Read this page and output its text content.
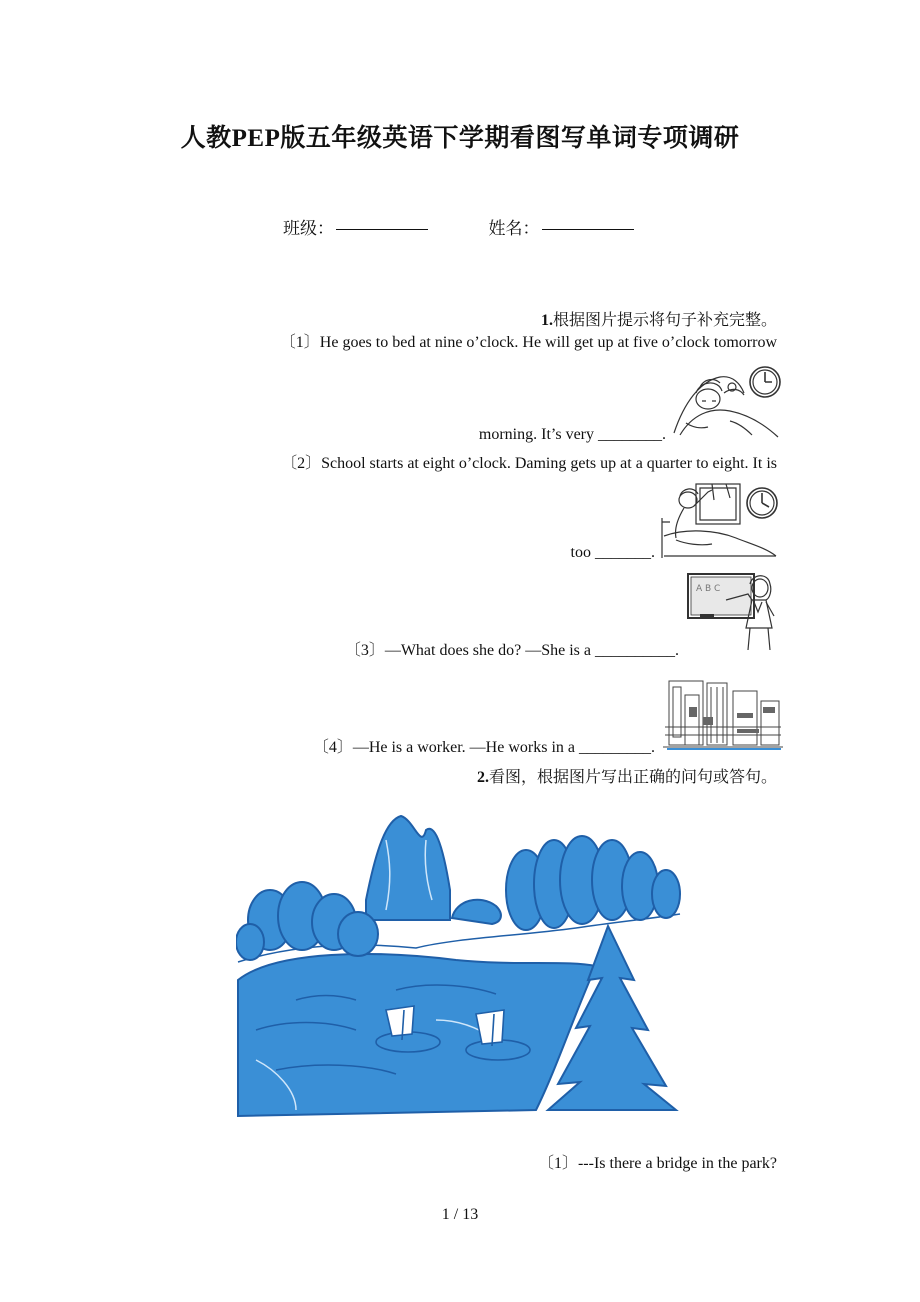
人教PEP版五年级英语下学期看图写单词专项调研
班级：	姓名：
1.根据图片提示将句子补充完整。
〔1〕He goes to bed at nine o’clock. He will get up at five o’clock tomorrow
morning. It’s very ________.
〔2〕School starts at eight o’clock. Daming gets up at a quarter to eight. It is
too _______.
A B C
〔3〕—What does she do? —She is a __________.
〔4〕—He is a worker. —He works in a _________.
2.看图，根据图片写出正确的问句或答句。
〔1〕---Is there a bridge in the park?
1 / 13
